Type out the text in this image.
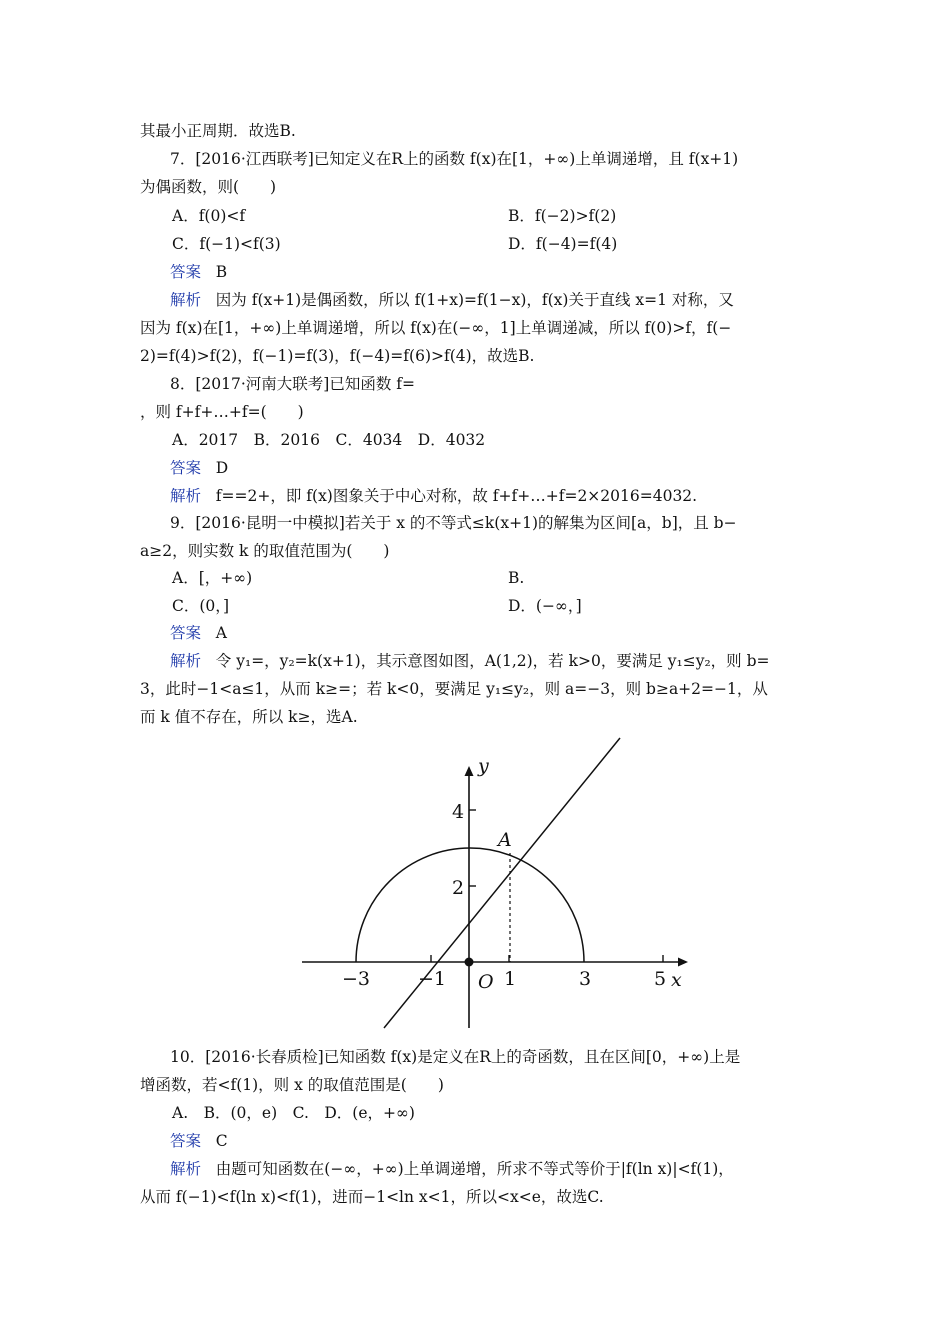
其最小正周期．故选B.
7．[2016·江西联考]已知定义在R上的函数 f(x)在[1，+∞)上单调递增，且 f(x+1)
为偶函数，则(　　)
A．f(0)<f	B．f(−2)>f(2)
C．f(−1)<f(3)	D．f(−4)=f(4)
答案 B
解析 因为 f(x+1)是偶函数，所以 f(1+x)=f(1−x)，f(x)关于直线 x=1 对称，又
因为 f(x)在[1，+∞)上单调递增，所以 f(x)在(−∞，1]上单调递减，所以 f(0)>f，f(−
2)=f(4)>f(2)，f(−1)=f(3)，f(−4)=f(6)>f(4)，故选B.
8．[2017·河南大联考]已知函数 f=
，则 f+f+…+f=(　　)
A．2017　B．2016　C．4034　D．4032
答案 D
解析 f==2+，即 f(x)图象关于中心对称，故 f+f+…+f=2×2016=4032.
9．[2016·昆明一中模拟]若关于 x 的不等式≤k(x+1)的解集为区间[a，b]，且 b−
a≥2，则实数 k 的取值范围为(　　)
A．[，+∞)	B.
C．(0，]	D．(−∞，]
答案 A
解析 令 y₁=，y₂=k(x+1)，其示意图如图，A(1,2)，若 k>0，要满足 y₁≤y₂，则 b=
3，此时−1<a≤1，从而 k≥=；若 k<0，要满足 y₁≤y₂，则 a=−3，则 b≥a+2=−1，从
而 k 值不存在，所以 k≥，选A.
y
x
O
A
2
4
−3	−1	1	3	5
10．[2016·长春质检]已知函数 f(x)是定义在R上的奇函数，且在区间[0，+∞)上是
增函数，若<f(1)，则 x 的取值范围是(　　)
A.　B．(0，e)　C.　D．(e，+∞)
答案 C
解析 由题可知函数在(−∞，+∞)上单调递增，所求不等式等价于|f(ln x)|<f(1)，
从而 f(−1)<f(ln x)<f(1)，进而−1<ln x<1，所以<x<e，故选C.
